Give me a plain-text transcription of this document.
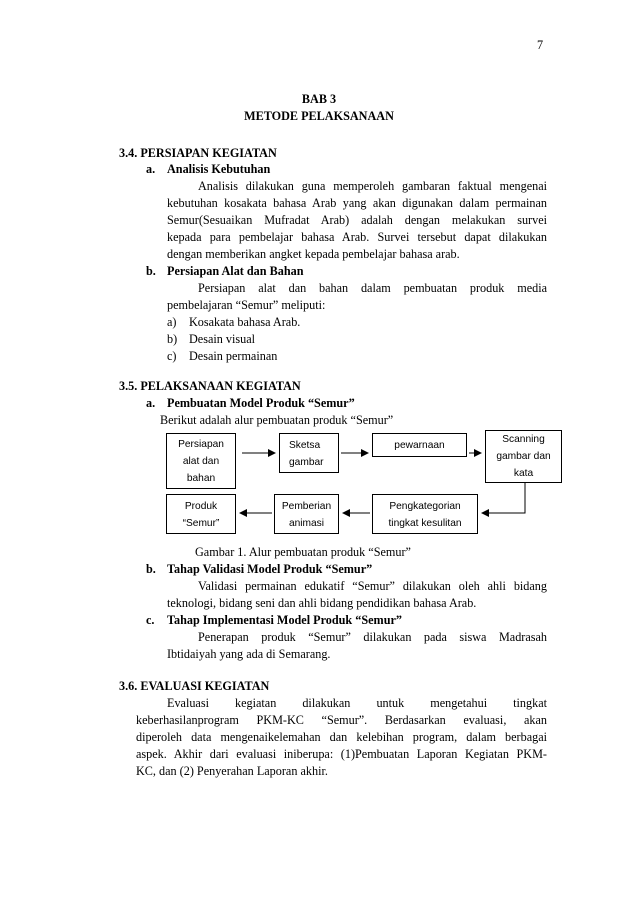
7
BAB 3
METODE PELAKSANAAN
3.4. PERSIAPAN KEGIATAN
a. Analisis Kebutuhan
Analisis dilakukan guna memperoleh gambaran faktual mengenai
kebutuhan kosakata bahasa Arab yang akan digunakan dalam permainan
Semur(Sesuaikan Mufradat Arab) adalah dengan melakukan survei
kepada para pembelajar bahasa Arab. Survei tersebut dapat dilakukan
dengan memberikan angket kepada pembelajar bahasa arab.
b. Persiapan Alat dan Bahan
Persiapan alat dan bahan dalam pembuatan produk media
pembelajaran “Semur” meliputi:
a) Kosakata bahasa Arab.
b) Desain visual
c) Desain permainan
3.5. PELAKSANAAN KEGIATAN
a. Pembuatan Model Produk “Semur”
Berikut adalah alur pembuatan produk “Semur”
Persiapan
alat dan
bahan
Sketsa
gambar
pewarnaan
Scanning
gambar dan
kata
Pengkategorian
tingkat kesulitan
Pemberian
animasi
Produk
“Semur”
Gambar 1. Alur pembuatan produk “Semur”
b. Tahap Validasi Model Produk “Semur”
Validasi permainan edukatif “Semur” dilakukan oleh ahli bidang
teknologi, bidang seni dan ahli bidang pendidikan bahasa Arab.
c. Tahap Implementasi Model Produk “Semur”
Penerapan produk “Semur” dilakukan pada siswa Madrasah
Ibtidaiyah yang ada di Semarang.
3.6. EVALUASI KEGIATAN
Evaluasi kegiatan dilakukan untuk mengetahui tingkat
keberhasilanprogram PKM-KC “Semur”. Berdasarkan evaluasi, akan
diperoleh data mengenaikelemahan dan kelebihan program, dalam berbagai
aspek. Akhir dari evaluasi iniberupa: (1)Pembuatan Laporan Kegiatan PKM-
KC, dan (2) Penyerahan Laporan akhir.
